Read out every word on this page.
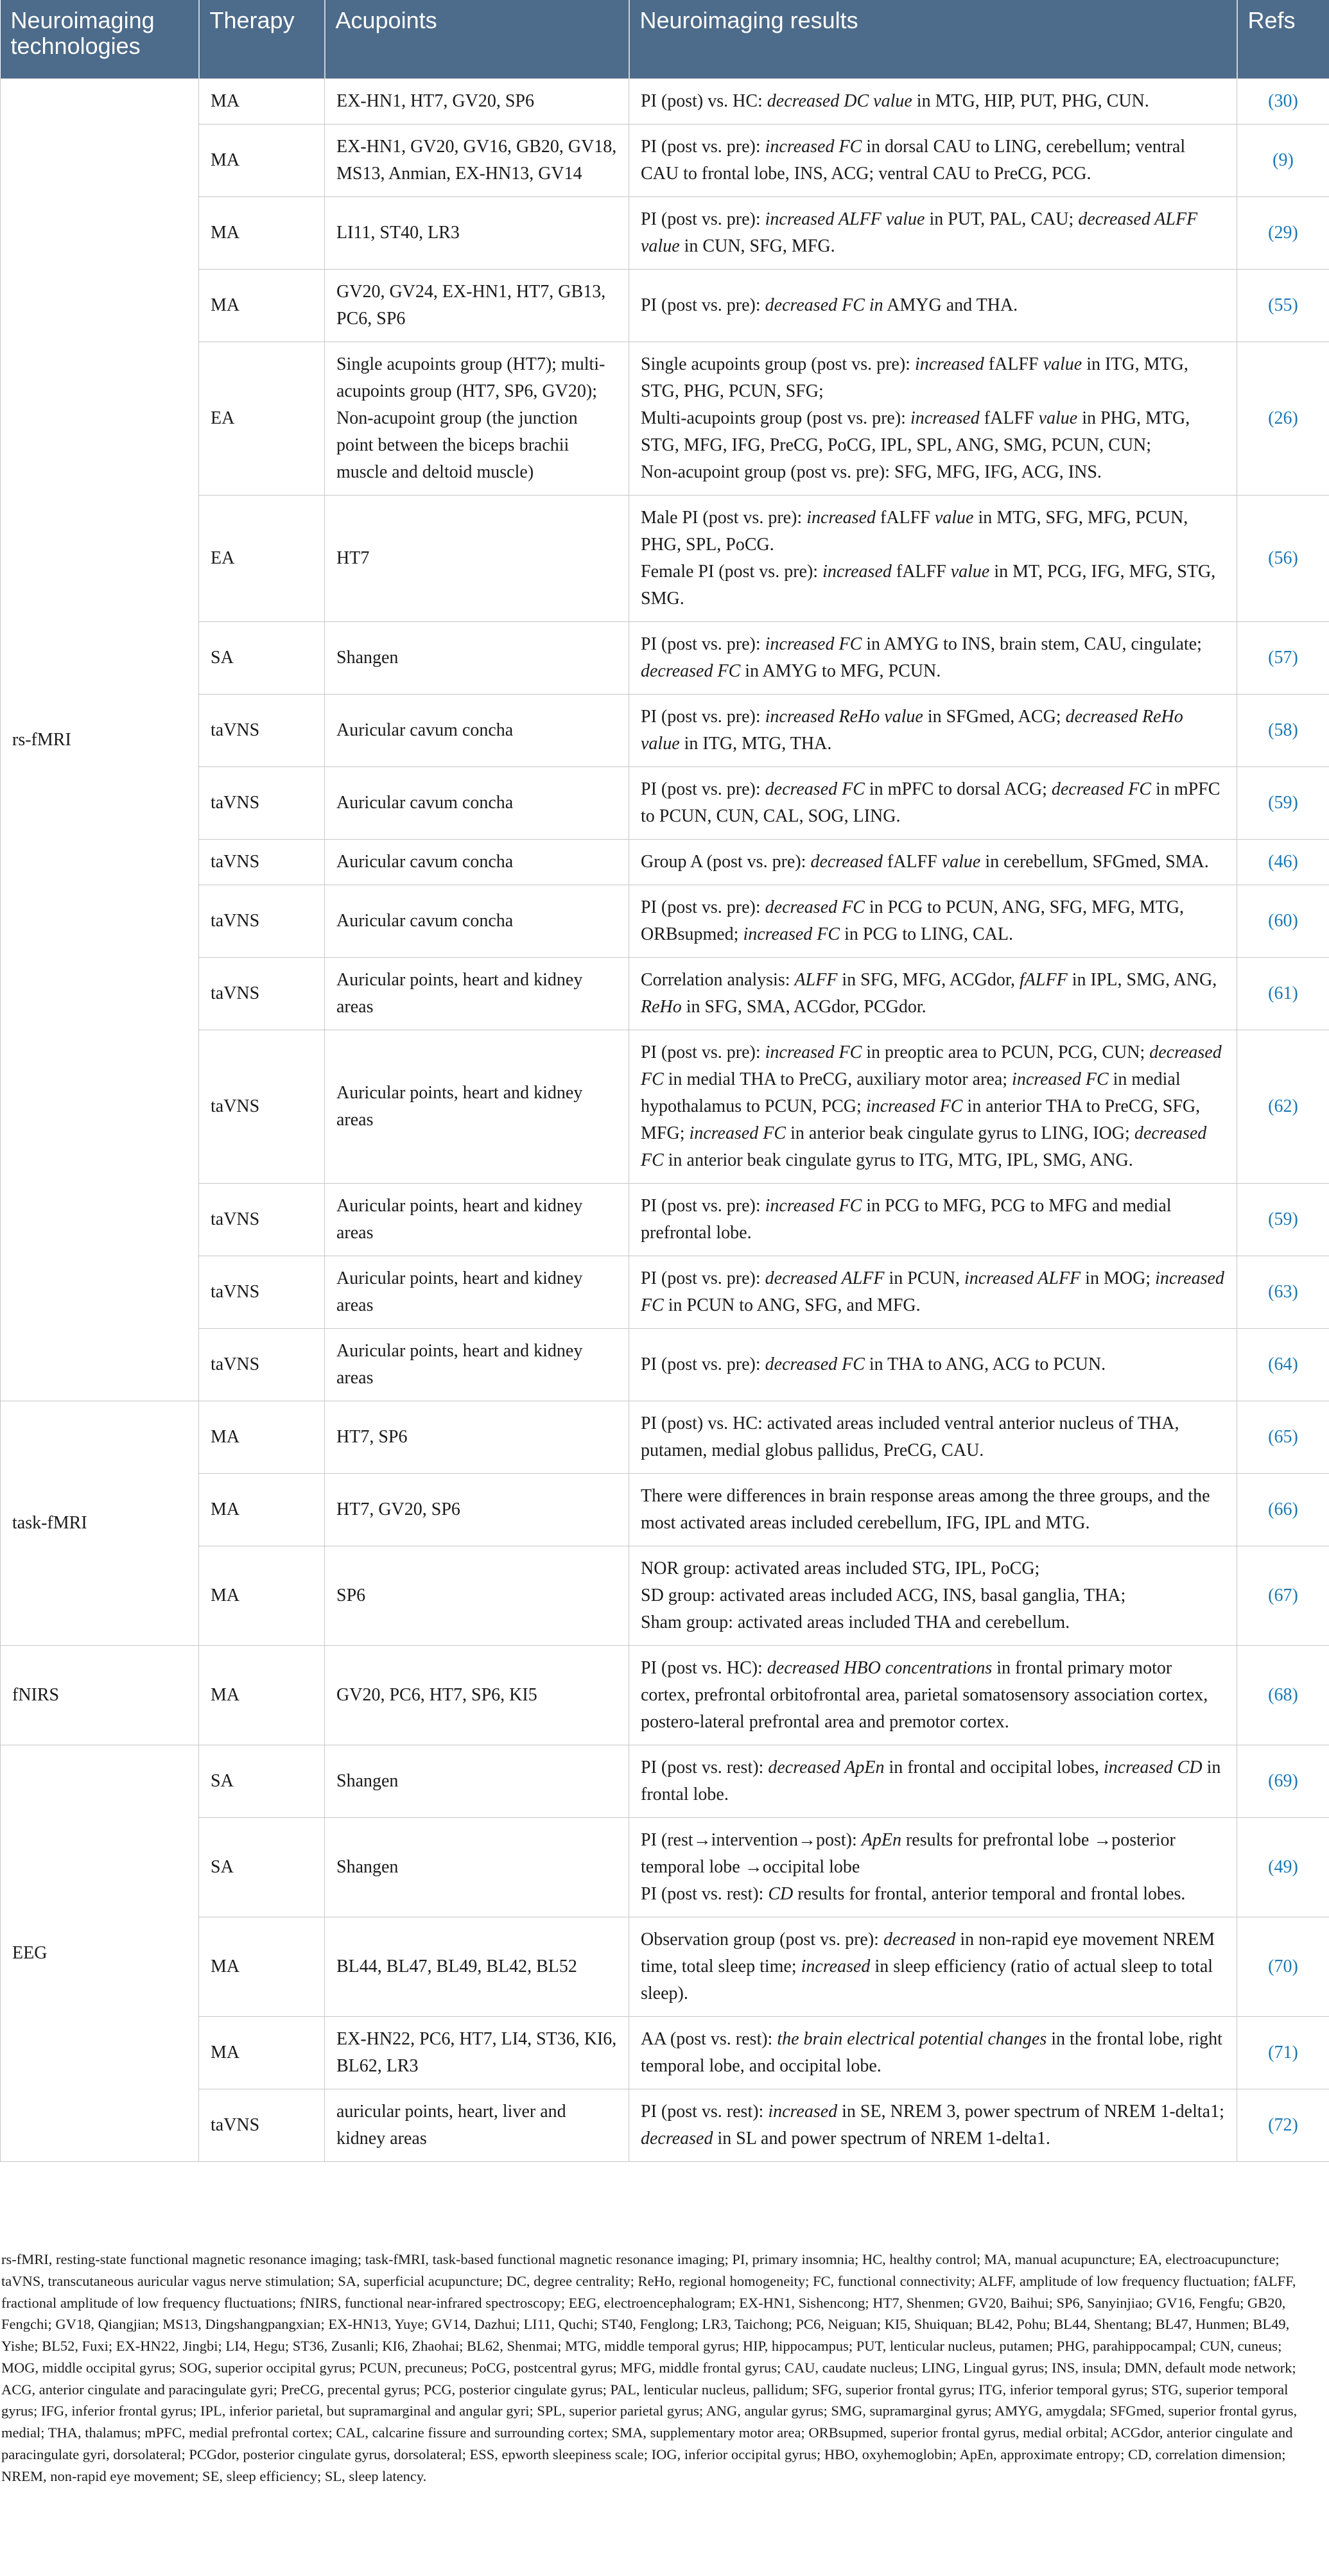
Neuroimaging technologies	Therapy	Acupoints	Neuroimaging results	Refs
rs-fMRI	MA	EX-HN1, HT7, GV20, SP6	PI (post) vs. HC: decreased DC value in MTG, HIP, PUT, PHG, CUN.	(30)
	MA	EX-HN1, GV20, GV16, GB20, GV18, MS13, Anmian, EX-HN13, GV14	PI (post vs. pre): increased FC in dorsal CAU to LING, cerebellum; ventral CAU to frontal lobe, INS, ACG; ventral CAU to PreCG, PCG.	(9)
	MA	LI11, ST40, LR3	PI (post vs. pre): increased ALFF value in PUT, PAL, CAU; decreased ALFF value in CUN, SFG, MFG.	(29)
	MA	GV20, GV24, EX-HN1, HT7, GB13, PC6, SP6	PI (post vs. pre): decreased FC in AMYG and THA.	(55)
	EA	Single acupoints group (HT7); multi-acupoints group (HT7, SP6, GV20); Non-acupoint group (the junction point between the biceps brachii muscle and deltoid muscle)	Single acupoints group (post vs. pre): increased fALFF value in ITG, MTG, STG, PHG, PCUN, SFG;
Multi-acupoints group (post vs. pre): increased fALFF value in PHG, MTG, STG, MFG, IFG, PreCG, PoCG, IPL, SPL, ANG, SMG, PCUN, CUN;
Non-acupoint group (post vs. pre): SFG, MFG, IFG, ACG, INS.	(26)
	EA	HT7	Male PI (post vs. pre): increased fALFF value in MTG, SFG, MFG, PCUN, PHG, SPL, PoCG.
Female PI (post vs. pre): increased fALFF value in MT, PCG, IFG, MFG, STG, SMG.	(56)
	SA	Shangen	PI (post vs. pre): increased FC in AMYG to INS, brain stem, CAU, cingulate; decreased FC in AMYG to MFG, PCUN.	(57)
	taVNS	Auricular cavum concha	PI (post vs. pre): increased ReHo value in SFGmed, ACG; decreased ReHo value in ITG, MTG, THA.	(58)
	taVNS	Auricular cavum concha	PI (post vs. pre): decreased FC in mPFC to dorsal ACG; decreased FC in mPFC to PCUN, CUN, CAL, SOG, LING.	(59)
	taVNS	Auricular cavum concha	Group A (post vs. pre): decreased fALFF value in cerebellum, SFGmed, SMA.	(46)
	taVNS	Auricular cavum concha	PI (post vs. pre): decreased FC in PCG to PCUN, ANG, SFG, MFG, MTG, ORBsupmed; increased FC in PCG to LING, CAL.	(60)
	taVNS	Auricular points, heart and kidney areas	Correlation analysis: ALFF in SFG, MFG, ACGdor, fALFF in IPL, SMG, ANG, ReHo in SFG, SMA, ACGdor, PCGdor.	(61)
	taVNS	Auricular points, heart and kidney areas	PI (post vs. pre): increased FC in preoptic area to PCUN, PCG, CUN; decreased FC in medial THA to PreCG, auxiliary motor area; increased FC in medial hypothalamus to PCUN, PCG; increased FC in anterior THA to PreCG, SFG, MFG; increased FC in anterior beak cingulate gyrus to LING, IOG; decreased FC in anterior beak cingulate gyrus to ITG, MTG, IPL, SMG, ANG.	(62)
	taVNS	Auricular points, heart and kidney areas	PI (post vs. pre): increased FC in PCG to MFG, PCG to MFG and medial prefrontal lobe.	(59)
	taVNS	Auricular points, heart and kidney areas	PI (post vs. pre): decreased ALFF in PCUN, increased ALFF in MOG; increased FC in PCUN to ANG, SFG, and MFG.	(63)
	taVNS	Auricular points, heart and kidney areas	PI (post vs. pre): decreased FC in THA to ANG, ACG to PCUN.	(64)
task-fMRI	MA	HT7, SP6	PI (post) vs. HC: activated areas included ventral anterior nucleus of THA, putamen, medial globus pallidus, PreCG, CAU.	(65)
	MA	HT7, GV20, SP6	There were differences in brain response areas among the three groups, and the most activated areas included cerebellum, IFG, IPL and MTG.	(66)
	MA	SP6	NOR group: activated areas included STG, IPL, PoCG;
SD group: activated areas included ACG, INS, basal ganglia, THA;
Sham group: activated areas included THA and cerebellum.	(67)
fNIRS	MA	GV20, PC6, HT7, SP6, KI5	PI (post vs. HC): decreased HBO concentrations in frontal primary motor cortex, prefrontal orbitofrontal area, parietal somatosensory association cortex, postero-lateral prefrontal area and premotor cortex.	(68)
EEG	SA	Shangen	PI (post vs. rest): decreased ApEn in frontal and occipital lobes, increased CD in frontal lobe.	(69)
	SA	Shangen	PI (rest→intervention→post): ApEn results for prefrontal lobe →posterior temporal lobe →occipital lobe
PI (post vs. rest): CD results for frontal, anterior temporal and frontal lobes.	(49)
	MA	BL44, BL47, BL49, BL42, BL52	Observation group (post vs. pre): decreased in non-rapid eye movement NREM time, total sleep time; increased in sleep efficiency (ratio of actual sleep to total sleep).	(70)
	MA	EX-HN22, PC6, HT7, LI4, ST36, KI6, BL62, LR3	AA (post vs. rest): the brain electrical potential changes in the frontal lobe, right temporal lobe, and occipital lobe.	(71)
	taVNS	auricular points, heart, liver and kidney areas	PI (post vs. rest): increased in SE, NREM 3, power spectrum of NREM 1-delta1; decreased in SL and power spectrum of NREM 1-delta1.	(72)
rs-fMRI, resting-state functional magnetic resonance imaging; task-fMRI, task-based functional magnetic resonance imaging; PI, primary insomnia; HC, healthy control; MA, manual acupuncture; EA, electroacupuncture; taVNS, transcutaneous auricular vagus nerve stimulation; SA, superficial acupuncture; DC, degree centrality; ReHo, regional homogeneity; FC, functional connectivity; ALFF, amplitude of low frequency fluctuation; fALFF, fractional amplitude of low frequency fluctuations; fNIRS, functional near-infrared spectroscopy; EEG, electroencephalogram; EX-HN1, Sishencong; HT7, Shenmen; GV20, Baihui; SP6, Sanyinjiao; GV16, Fengfu; GB20, Fengchi; GV18, Qiangjian; MS13, Dingshangpangxian; EX-HN13, Yuye; GV14, Dazhui; LI11, Quchi; ST40, Fenglong; LR3, Taichong; PC6, Neiguan; KI5, Shuiquan; BL42, Pohu; BL44, Shentang; BL47, Hunmen; BL49, Yishe; BL52, Fuxi; EX-HN22, Jingbi; LI4, Hegu; ST36, Zusanli; KI6, Zhaohai; BL62, Shenmai; MTG, middle temporal gyrus; HIP, hippocampus; PUT, lenticular nucleus, putamen; PHG, parahippocampal; CUN, cuneus; MOG, middle occipital gyrus; SOG, superior occipital gyrus; PCUN, precuneus; PoCG, postcentral gyrus; MFG, middle frontal gyrus; CAU, caudate nucleus; LING, Lingual gyrus; INS, insula; DMN, default mode network; ACG, anterior cingulate and paracingulate gyri; PreCG, precental gyrus; PCG, posterior cingulate gyrus; PAL, lenticular nucleus, pallidum; SFG, superior frontal gyrus; ITG, inferior temporal gyrus; STG, superior temporal gyrus; IFG, inferior frontal gyrus; IPL, inferior parietal, but supramarginal and angular gyri; SPL, superior parietal gyrus; ANG, angular gyrus; SMG, supramarginal gyrus; AMYG, amygdala; SFGmed, superior frontal gyrus, medial; THA, thalamus; mPFC, medial prefrontal cortex; CAL, calcarine fissure and surrounding cortex; SMA, supplementary motor area; ORBsupmed, superior frontal gyrus, medial orbital; ACGdor, anterior cingulate and paracingulate gyri, dorsolateral; PCGdor, posterior cingulate gyrus, dorsolateral; ESS, epworth sleepiness scale; IOG, inferior occipital gyrus; HBO, oxyhemoglobin; ApEn, approximate entropy; CD, correlation dimension; NREM, non-rapid eye movement; SE, sleep efficiency; SL, sleep latency.
